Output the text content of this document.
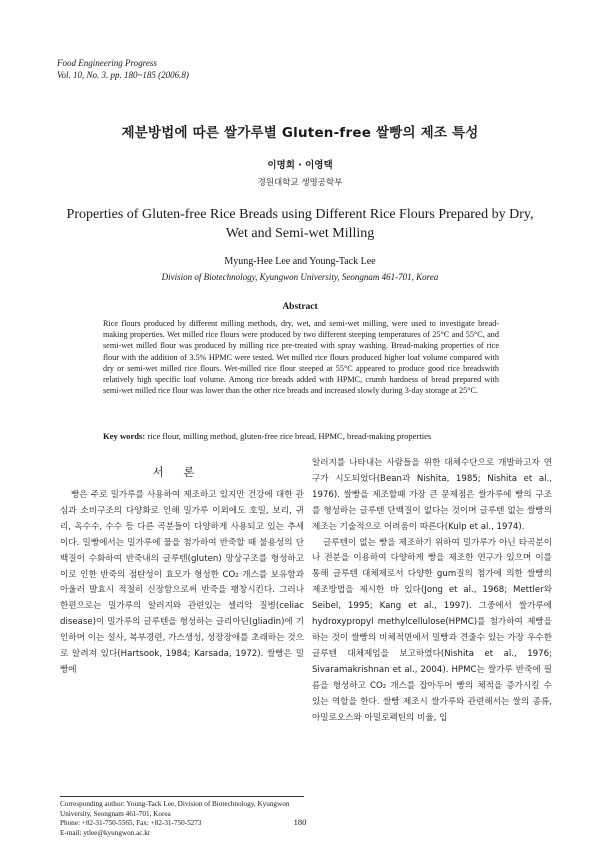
Food Engineering Progress
Vol. 10, No. 3. pp. 180~185 (2006.8)
제분방법에 따른 쌀가루별 Gluten-free 쌀빵의 제조 특성
이명희 · 이영택
경원대학교 생명공학부
Properties of Gluten-free Rice Breads using Different Rice Flours Prepared by Dry, Wet and Semi-wet Milling
Myung-Hee Lee and Young-Tack Lee
Division of Biotechnology, Kyungwon University, Seongnam 461-701, Korea
Abstract
Rice flours produced by different milling methods, dry, wet, and semi-wet milling, were used to investigate bread-making properties. Wet milled rice flours were produced by two different steeping temperatures of 25°C and 55°C, and semi-wet milled flour was produced by milling rice pre-treated with spray washing. Bread-making properties of rice flour with the addition of 3.5% HPMC were tested. Wet milled rice flours produced higher loaf volume compared with dry or semi-wet milled rice flours. Wet-milled rice flour steeped at 55°C appeared to produce good rice breadswith relatively high specific loaf volume. Among rice breads added with HPMC, crumb hardness of bread prepared with semi-wet milled rice flour was lower than the other rice breads and increased slowly during 3-day storage at 25°C.
Key words: rice flour, milling method, gluten-free rice bread, HPMC, bread-making properties
서 론

빵은 주로 밀가루를 사용하여 제조하고 있지만 건강에 대한 관심과 소비구조의 다양화로 인해 밀가루 이외에도 호밀, 보리, 귀리, 옥수수, 수수 등 다른 곡분들이 다양하게 사용되고 있는 추세이다. 밀빵에서는 밀가루에 물을 첨가하여 반죽할 때 불용성의 단백질이 수화하여 반죽내의 글루텐(gluten) 망상구조를 형성하고 이로 인한 반죽의 점탄성이 효모가 형성한 CO₂ 개스를 보유함과 아울러 발효시 적절히 신장함으로써 반죽을 팽창시킨다. 그러나 한편으로는 밀가루의 알러지와 관련있는 셀리악 질병(celiac disease)이 밀가루의 글루텐을 형성하는 글리아딘(gliadin)에 기인하며 이는 설사, 복부경련, 가스생성, 성장장애를 초래하는 것으로 알려져 있다(Hartsook, 1984; Karsada, 1972). 쌀빵은 밀빵에

알러지를 나타내는 사람들을 위한 대체수단으로 개발하고자 연구가 시도되었다(Bean과 Nishita, 1985; Nishita et al., 1976). 쌀빵을 제조할때 가장 큰 문제점은 쌀가루에 빵의 구조를 형성하는 글루텐 단백질이 없다는 것이며 글루텐 없는 쌀빵의 제조는 기술적으로 어려움이 따른다(Kulp et al., 1974).

글루텐이 없는 빵을 제조하기 위하여 밀가루가 아닌 타곡분이나 전분을 이용하여 다양하게 빵을 제조한 연구가 있으며 이를 통해 글루텐 대체제로서 다양한 gum질의 첨가에 의한 쌀빵의 제조방법을 제시한 바 있다(Jong et al., 1968; Mettler와 Seibel, 1995; Kang et al., 1997). 그중에서 쌀가루에 hydroxypropyl methylcellulose(HPMC)를 첨가하여 제빵을 하는 것이 쌀빵의 비체적면에서 밀빵과 견줄수 있는 가장 우수한 글루텐 대체제임을 보고하였다(Nishita et al., 1976; Sivaramakrishnan et al., 2004). HPMC는 쌀가루 반죽에 필름을 형성하고 CO₂ 개스를 잡아두어 빵의 체적을 증가시킬 수 있는 역할을 한다. 쌀빵 제조시 쌀가루와 관련해서는 쌀의 종류, 아밀로오스와 아밀로펙틴의 비율, 입

Corresponding author: Young-Tack Lee, Division of Biotechnology, Kyungwon University, Seongnam 461-701, Korea
Phone: +82-31-750-5565, Fax: +82-31-750-5273
E-mail: ytlee@kyungwon.ac.kr
180
